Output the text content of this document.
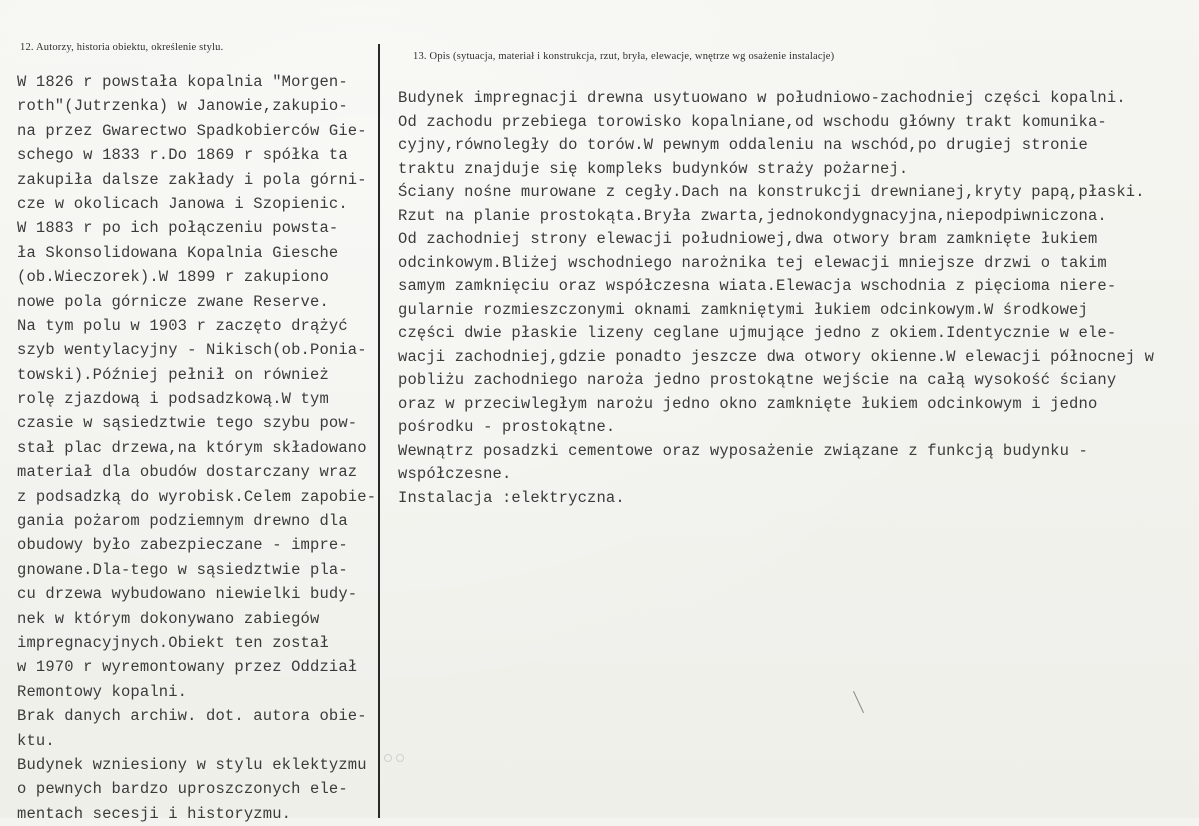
12. Autorzy, historia obiektu, określenie stylu.
13. Opis (sytuacja, materiał i konstrukcja, rzut, bryła, elewacje, wnętrze wg osażenie instalacje)
W 1826 r powstała kopalnia "Morgen-
roth"(Jutrzenka) w Janowie,zakupio-
na przez Gwarectwo Spadkobierców Gie-
schego w 1833 r.Do 1869 r spółka ta
zakupiła dalsze zakłady i pola górni-
cze w okolicach Janowa i Szopienic.
W 1883 r po ich połączeniu powsta-
ła Skonsolidowana Kopalnia Giesche
(ob.Wieczorek).W 1899 r zakupiono
nowe pola górnicze zwane Reserve.
Na tym polu w 1903 r zaczęto drążyć
szyb wentylacyjny - Nikisch(ob.Ponia-
towski).Później pełnił on również
rolę zjazdową i podsadzkową.W tym
czasie w sąsiedztwie tego szybu pow-
stał plac drzewa,na którym składowano
materiał dla obudów dostarczany wraz
z podsadzką do wyrobisk.Celem zapobie-
gania pożarom podziemnym drewno dla
obudowy było zabezpieczane - impre-
gnowane.Dla-tego w sąsiedztwie pla-
cu drzewa wybudowano niewielki budy-
nek w którym dokonywano zabiegów
impregnacyjnych.Obiekt ten został
w 1970 r wyremontowany przez Oddział
Remontowy kopalni.
Brak danych archiw. dot. autora obie-
ktu.
Budynek wzniesiony w stylu eklektyzmu
o pewnych bardzo uproszczonych ele-
mentach secesji i historyzmu.
Budynek impregnacji drewna usytuowano w południowo-zachodniej części kopalni.
Od zachodu przebiega torowisko kopalniane,od wschodu główny trakt komunika-
cyjny,równoległy do torów.W pewnym oddaleniu na wschód,po drugiej stronie
traktu znajduje się kompleks budynków straży pożarnej.
Ściany nośne murowane z cegły.Dach na konstrukcji drewnianej,kryty papą,płaski.
Rzut na planie prostokąta.Bryła zwarta,jednokondygnacyjna,niepodpiwniczona.
Od zachodniej strony elewacji południowej,dwa otwory bram zamknięte łukiem
odcinkowym.Bliżej wschodniego narożnika tej elewacji mniejsze drzwi o takim
samym zamknięciu oraz współczesna wiata.Elewacja wschodnia z pięcioma niere-
gularnie rozmieszczonymi oknami zamkniętymi łukiem odcinkowym.W środkowej
części dwie płaskie lizeny ceglane ujmujące jedno z okiem.Identycznie w ele-
wacji zachodniej,gdzie ponadto jeszcze dwa otwory okienne.W elewacji północnej w
pobliżu zachodniego naroża jedno prostokątne wejście na całą wysokość ściany
oraz w przeciwległym narożu jedno okno zamknięte łukiem odcinkowym i jedno
pośrodku - prostokątne.
Wewnątrz posadzki cementowe oraz wyposażenie związane z funkcją budynku -
współczesne.
Instalacja :elektryczna.
